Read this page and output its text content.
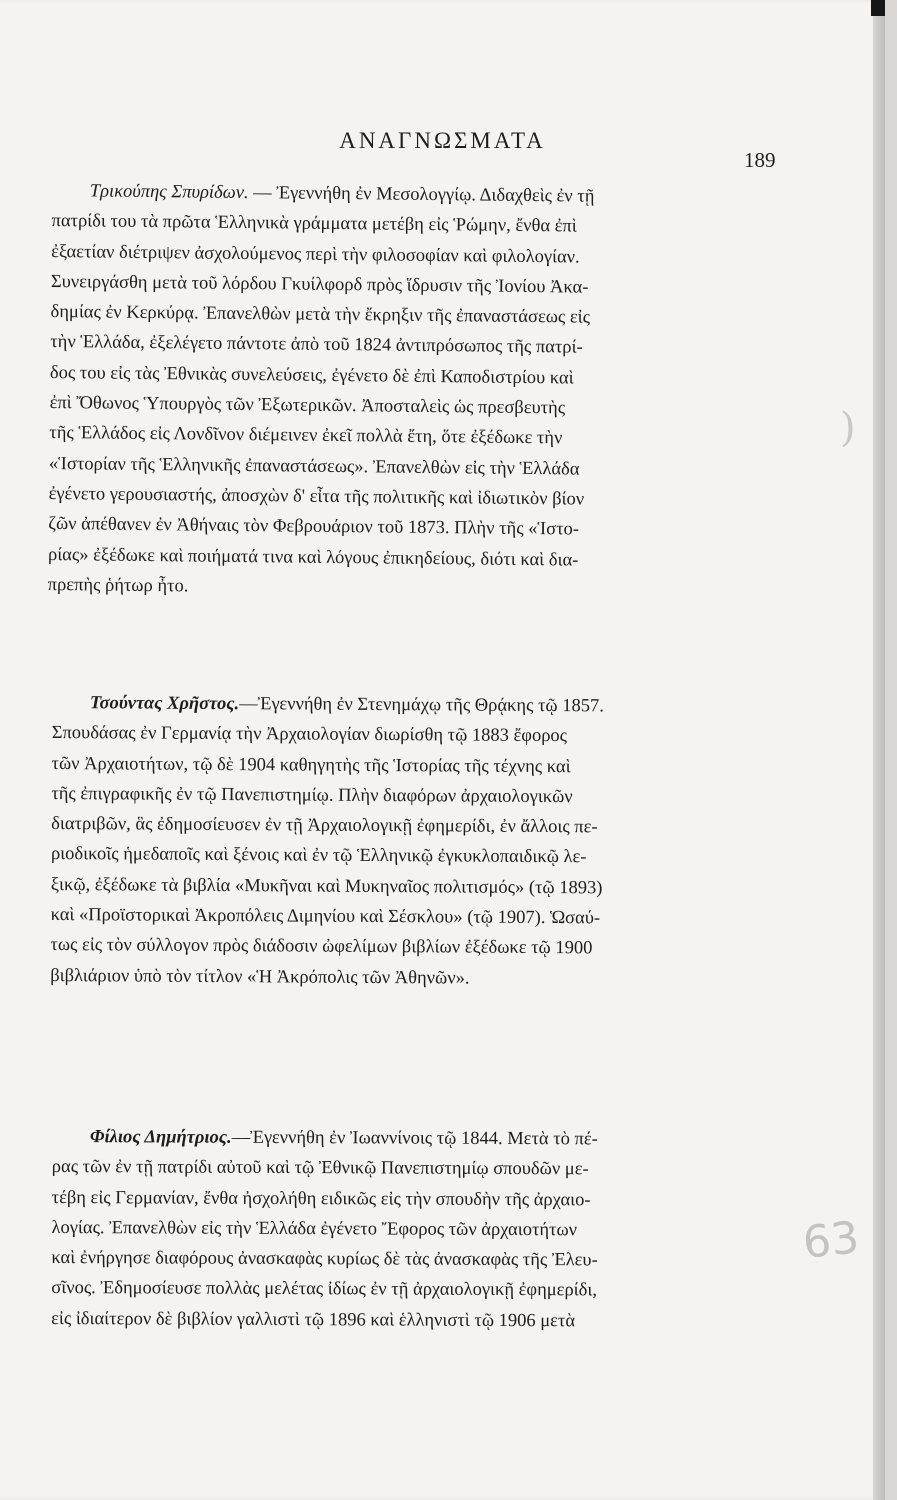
ΑΝΑΓΝΩΣΜΑΤΑ
189
Τρικούπης Σπυρίδων. — Ἐγεννήθη ἐν Μεσολογγίῳ. Διδαχθεὶς ἐν τῇ
πατρίδι του τὰ πρῶτα Ἑλληνικὰ γράμματα μετέβη εἰς Ῥώμην, ἔνθα ἐπὶ
ἐξαετίαν διέτριψεν ἀσχολούμενος περὶ τὴν φιλοσοφίαν καὶ φιλολογίαν.
Συνειργάσθη μετὰ τοῦ λόρδου Γκυίλφορδ πρὸς ἵδρυσιν τῆς Ἰονίου Ἀκα-
δημίας ἐν Κερκύρᾳ. Ἐπανελθὼν μετὰ τὴν ἔκρηξιν τῆς ἐπαναστάσεως εἰς
τὴν Ἑλλάδα, ἐξελέγετο πάντοτε ἀπὸ τοῦ 1824 ἀντιπρόσωπος τῆς πατρί-
δος του εἰς τὰς Ἐθνικὰς συνελεύσεις, ἐγένετο δὲ ἐπὶ Καποδιστρίου καὶ
ἐπὶ Ὄθωνος Ὑπουργὸς τῶν Ἐξωτερικῶν. Ἀποσταλεὶς ὡς πρεσβευτὴς
τῆς Ἑλλάδος εἰς Λονδῖνον διέμεινεν ἐκεῖ πολλὰ ἔτη, ὅτε ἐξέδωκε τὴν
«Ἱστορίαν τῆς Ἑλληνικῆς ἐπαναστάσεως». Ἐπανελθὼν εἰς τὴν Ἑλλάδα
ἐγένετο γερουσιαστής, ἀποσχὼν δ' εἶτα τῆς πολιτικῆς καὶ ἰδιωτικὸν βίον
ζῶν ἀπέθανεν ἐν Ἀθήναις τὸν Φεβρουάριον τοῦ 1873. Πλὴν τῆς «Ἱστο-
ρίας» ἐξέδωκε καὶ ποιήματά τινα καὶ λόγους ἐπικηδείους, διότι καὶ δια-
πρεπὴς ῥήτωρ ἦτο.
Τσούντας Χρῆστος.—Ἐγεννήθη ἐν Στενημάχῳ τῆς Θρᾴκης τῷ 1857.
Σπουδάσας ἐν Γερμανίᾳ τὴν Ἀρχαιολογίαν διωρίσθη τῷ 1883 ἔφορος
τῶν Ἀρχαιοτήτων, τῷ δὲ 1904 καθηγητὴς τῆς Ἱστορίας τῆς τέχνης καὶ
τῆς ἐπιγραφικῆς ἐν τῷ Πανεπιστημίῳ. Πλὴν διαφόρων ἀρχαιολογικῶν
διατριβῶν, ἃς ἐδημοσίευσεν ἐν τῇ Ἀρχαιολογικῇ ἐφημερίδι, ἐν ἄλλοις πε-
ριοδικοῖς ἡμεδαποῖς καὶ ξένοις καὶ ἐν τῷ Ἑλληνικῷ ἐγκυκλοπαιδικῷ λε-
ξικῷ, ἐξέδωκε τὰ βιβλία «Μυκῆναι καὶ Μυκηναῖος πολιτισμός» (τῷ 1893)
καὶ «Προϊστορικαὶ Ἀκροπόλεις Διμηνίου καὶ Σέσκλου» (τῷ 1907). Ὡσαύ-
τως εἰς τὸν σύλλογον πρὸς διάδοσιν ὠφελίμων βιβλίων ἐξέδωκε τῷ 1900
βιβλιάριον ὑπὸ τὸν τίτλον «Ἡ Ἀκρόπολις τῶν Ἀθηνῶν».
Φίλιος Δημήτριος.—Ἐγεννήθη ἐν Ἰωαννίνοις τῷ 1844. Μετὰ τὸ πέ-
ρας τῶν ἐν τῇ πατρίδι αὐτοῦ καὶ τῷ Ἐθνικῷ Πανεπιστημίῳ σπουδῶν με-
τέβη εἰς Γερμανίαν, ἔνθα ἠσχολήθη ειδικῶς εἰς τὴν σπουδὴν τῆς ἀρχαιο-
λογίας. Ἐπανελθὼν εἰς τὴν Ἑλλάδα ἐγένετο Ἔφορος τῶν ἀρχαιοτήτων
καὶ ἐνήργησε διαφόρους ἀνασκαφὰς κυρίως δὲ τὰς ἀνασκαφὰς τῆς Ἐλευ-
σῖνος. Ἐδημοσίευσε πολλὰς μελέτας ἰδίως ἐν τῇ ἀρχαιολογικῇ ἐφημερίδι,
εἰς ἰδιαίτερον δὲ βιβλίον γαλλιστὶ τῷ 1896 καὶ ἑλληνιστὶ τῷ 1906 μετὰ
)
63
